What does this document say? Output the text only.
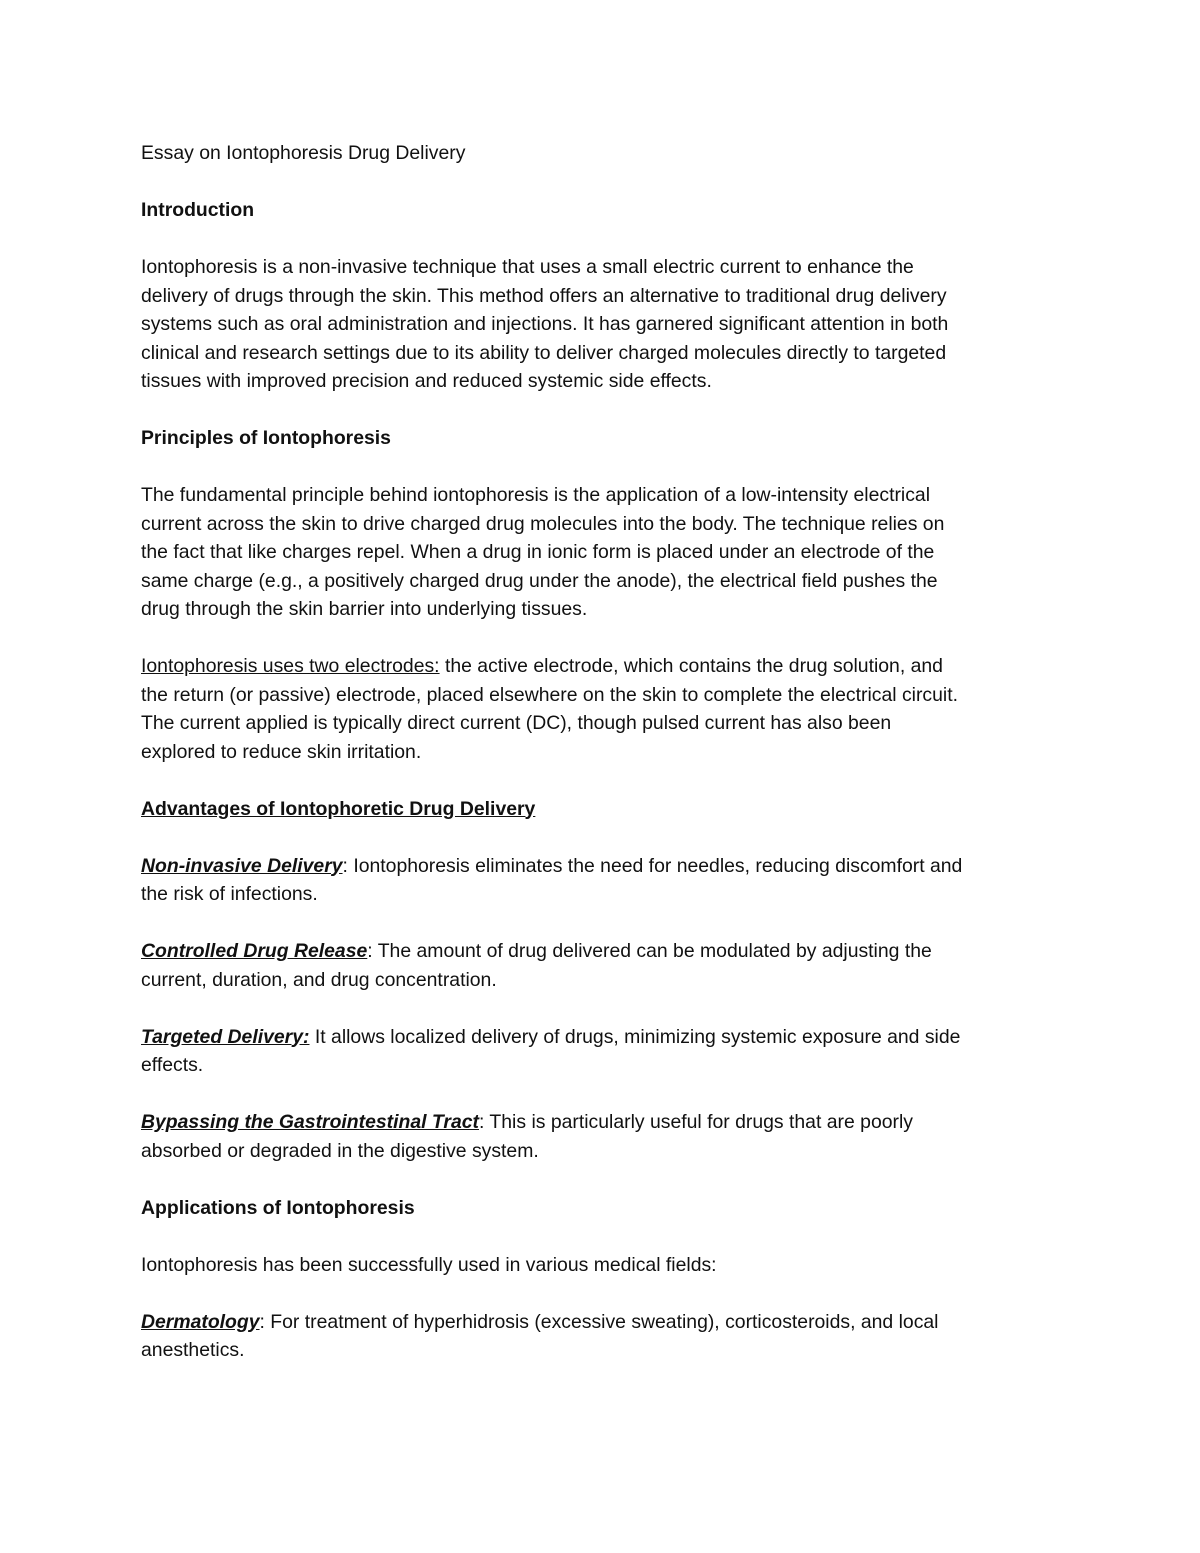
Essay on Iontophoresis Drug Delivery
Introduction
Iontophoresis is a non-invasive technique that uses a small electric current to enhance the
delivery of drugs through the skin. This method offers an alternative to traditional drug delivery
systems such as oral administration and injections. It has garnered significant attention in both
clinical and research settings due to its ability to deliver charged molecules directly to targeted
tissues with improved precision and reduced systemic side effects.
Principles of Iontophoresis
The fundamental principle behind iontophoresis is the application of a low-intensity electrical
current across the skin to drive charged drug molecules into the body. The technique relies on
the fact that like charges repel. When a drug in ionic form is placed under an electrode of the
same charge (e.g., a positively charged drug under the anode), the electrical field pushes the
drug through the skin barrier into underlying tissues.
Iontophoresis uses two electrodes: the active electrode, which contains the drug solution, and
the return (or passive) electrode, placed elsewhere on the skin to complete the electrical circuit.
The current applied is typically direct current (DC), though pulsed current has also been
explored to reduce skin irritation.
Advantages of Iontophoretic Drug Delivery
Non-invasive Delivery: Iontophoresis eliminates the need for needles, reducing discomfort and
the risk of infections.
Controlled Drug Release: The amount of drug delivered can be modulated by adjusting the
current, duration, and drug concentration.
Targeted Delivery: It allows localized delivery of drugs, minimizing systemic exposure and side
effects.
Bypassing the Gastrointestinal Tract: This is particularly useful for drugs that are poorly
absorbed or degraded in the digestive system.
Applications of Iontophoresis
Iontophoresis has been successfully used in various medical fields:
Dermatology: For treatment of hyperhidrosis (excessive sweating), corticosteroids, and local
anesthetics.
